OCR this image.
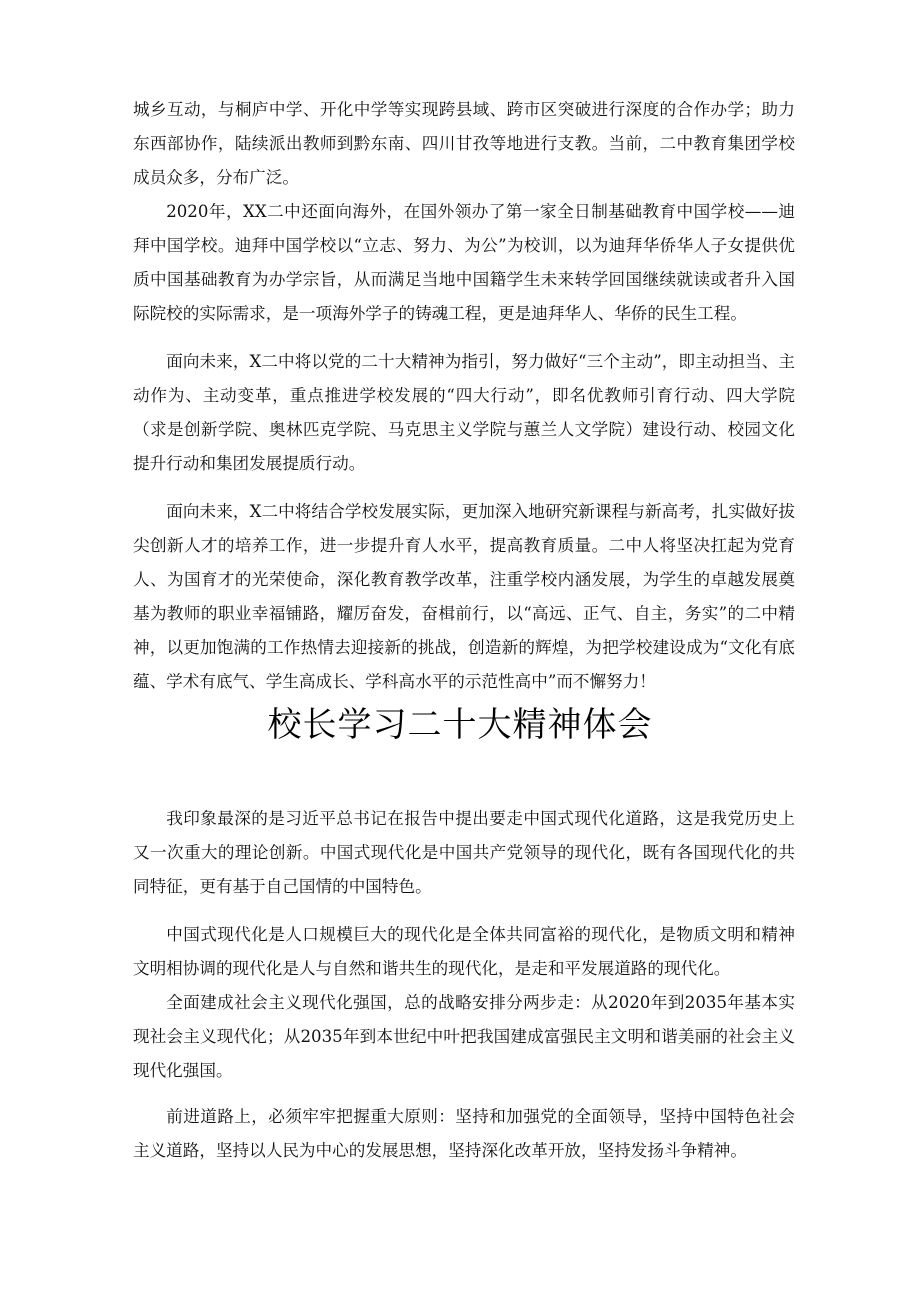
城乡互动，与桐庐中学、开化中学等实现跨县域、跨市区突破进行深度的合作办学；助力东西部协作，陆续派出教师到黔东南、四川甘孜等地进行支教。当前，二中教育集团学校成员众多，分布广泛。

2020年，XX二中还面向海外，在国外领办了第一家全日制基础教育中国学校——迪拜中国学校。迪拜中国学校以“立志、努力、为公”为校训，以为迪拜华侨华人子女提供优质中国基础教育为办学宗旨，从而满足当地中国籍学生未来转学回国继续就读或者升入国际院校的实际需求，是一项海外学子的铸魂工程，更是迪拜华人、华侨的民生工程。

面向未来，X二中将以党的二十大精神为指引，努力做好“三个主动”，即主动担当、主动作为、主动变革，重点推进学校发展的“四大行动”，即名优教师引育行动、四大学院（求是创新学院、奥林匹克学院、马克思主义学院与蕙兰人文学院）建设行动、校园文化提升行动和集团发展提质行动。

面向未来，X二中将结合学校发展实际，更加深入地研究新课程与新高考，扎实做好拔尖创新人才的培养工作，进一步提升育人水平，提高教育质量。二中人将坚决扛起为党育人、为国育才的光荣使命，深化教育教学改革，注重学校内涵发展，为学生的卓越发展奠基为教师的职业幸福铺路，耀厉奋发，奋楫前行，以“高远、正气、自主，务实”的二中精神，以更加饱满的工作热情去迎接新的挑战，创造新的辉煌，为把学校建设成为“文化有底蕴、学术有底气、学生高成长、学科高水平的示范性高中”而不懈努力！

校长学习二十大精神体会

我印象最深的是习近平总书记在报告中提出要走中国式现代化道路，这是我党历史上又一次重大的理论创新。中国式现代化是中国共产党领导的现代化，既有各国现代化的共同特征，更有基于自己国情的中国特色。

中国式现代化是人口规模巨大的现代化是全体共同富裕的现代化，是物质文明和精神文明相协调的现代化是人与自然和谐共生的现代化，是走和平发展道路的现代化。

全面建成社会主义现代化强国，总的战略安排分两步走：从2020年到2035年基本实现社会主义现代化；从2035年到本世纪中叶把我国建成富强民主文明和谐美丽的社会主义现代化强国。

前进道路上，必须牢牢把握重大原则：坚持和加强党的全面领导，坚持中国特色社会主义道路，坚持以人民为中心的发展思想，坚持深化改革开放，坚持发扬斗争精神。
